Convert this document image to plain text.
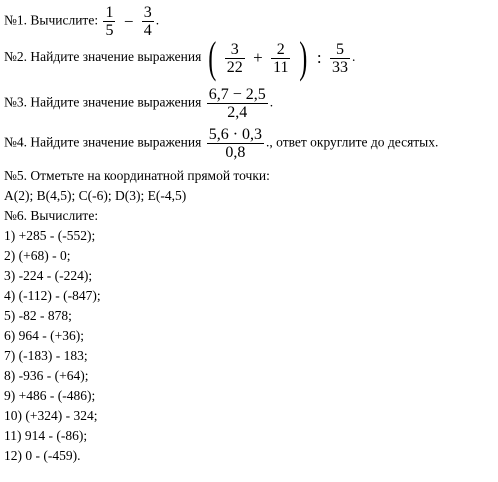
№1. Вычислите: $\frac{1}{5} - \frac{3}{4}$ .
№2. Найдите значение выражения ( $\frac{3}{22} + \frac{2}{11}$ ) : $\frac{5}{33}$ .
№3. Найдите значение выражения $\frac{6,7 - 2,5}{2,4}$ .
№4. Найдите значение выражения $\frac{5,6 \cdot 0,3}{0,8}$ ., ответ округлите до десятых.
№5. Отметьте на координатной прямой точки:
A(2); B(4,5); C(-6); D(3); E(-4,5)
№6. Вычислите:
1) +285 - (-552);
2) (+68) - 0;
3) -224 - (-224);
4) (-112) - (-847);
5) -82 - 878;
6) 964 - (+36);
7) (-183) - 183;
8) -936 - (+64);
9) +486 - (-486);
10) (+324) - 324;
11) 914 - (-86);
12) 0 - (-459).
